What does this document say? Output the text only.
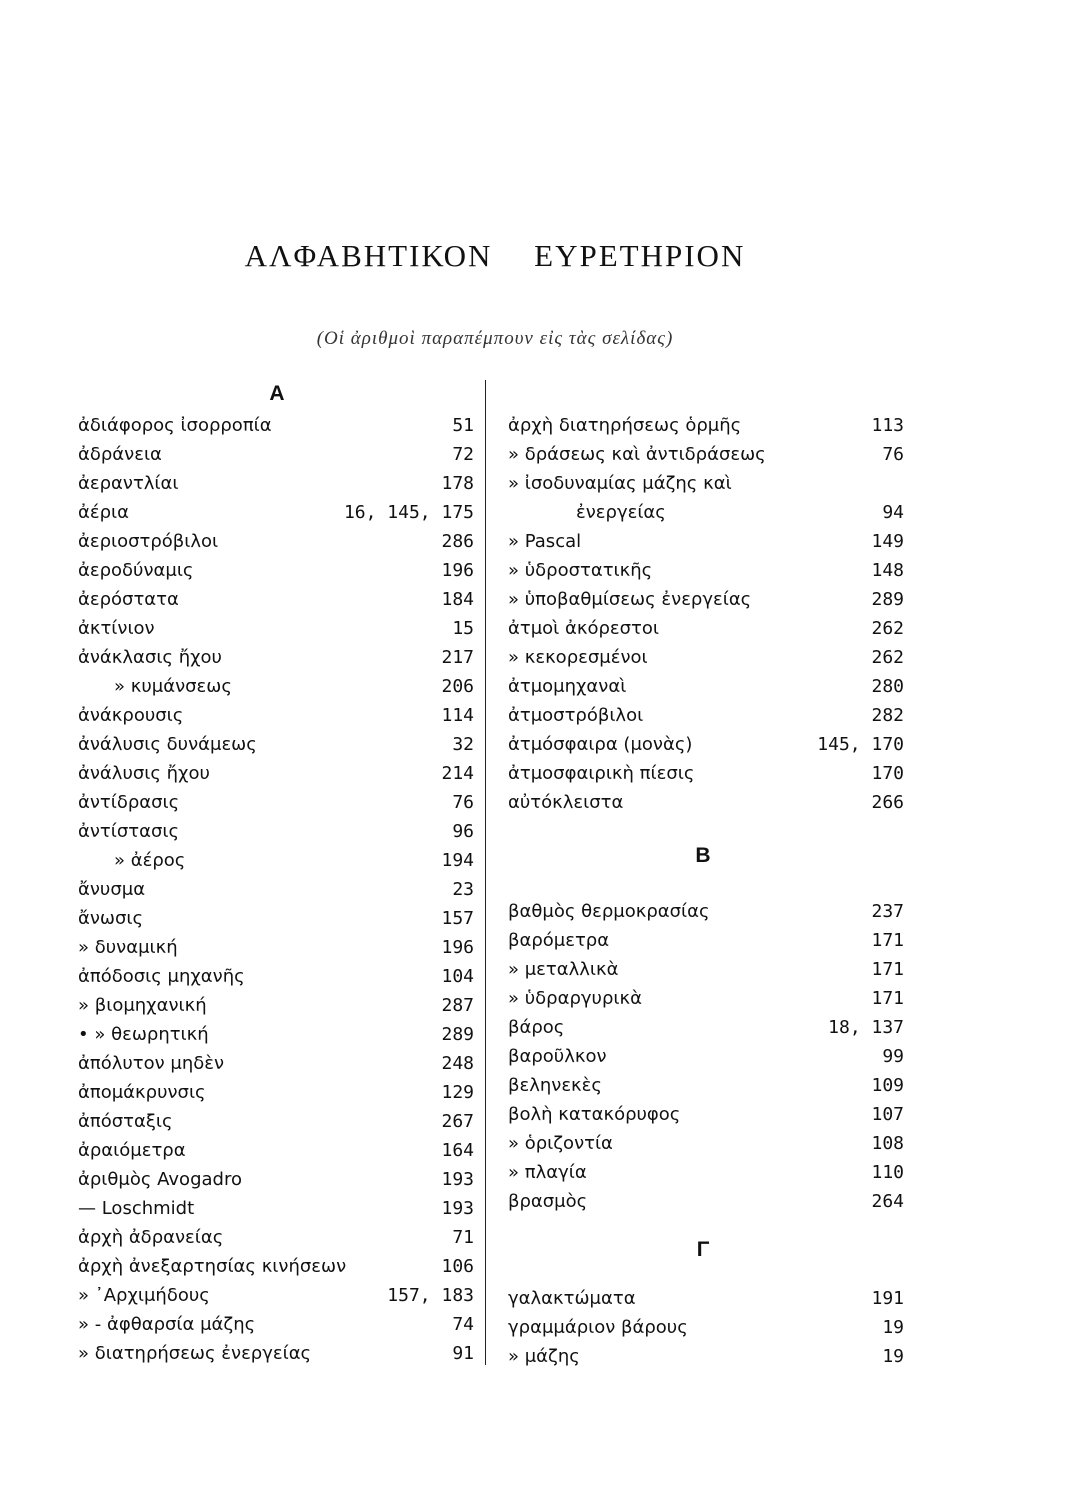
ΑΛΦΑΒΗΤΙΚΟΝ ΕΥΡΕΤΗΡΙΟΝ
(Οἱ ἀριθμοὶ παραπέμπουν εἰς τὰς σελίδας)
Α
ἀδιάφορος ἰσορροπία	51
ἀδράνεια	72
ἀεραντλίαι	178
ἀέρια	16, 145, 175
ἀεριοστρόβιλοι	286
ἀεροδύναμις	196
ἀερόστατα	184
ἀκτίνιον	15
ἀνάκλασις ἤχου	217
» κυμάνσεως	206
ἀνάκρουσις	114
ἀνάλυσις δυνάμεως	32
ἀνάλυσις ἤχου	214
ἀντίδρασις	76
ἀντίστασις	96
» ἀέρος	194
ἄνυσμα	23
ἄνωσις	157
» δυναμική	196
ἀπόδοσις μηχανῆς	104
» βιομηχανική	287
• » θεωρητική	289
ἀπόλυτον μηδὲν	248
ἀπομάκρυνσις	129
ἀπόσταξις	267
ἀραιόμετρα	164
ἀριθμὸς Avogadro	193
— Loschmidt	193
ἀρχὴ ἀδρανείας	71
ἀρχὴ ἀνεξαρτησίας κινήσεων	106
» ᾿Αρχιμήδους	157, 183
» ‐ ἀφθαρσία μάζης	74
» διατηρήσεως ἐνεργείας	91
ἀρχὴ διατηρήσεως ὁρμῆς	113
» δράσεως καὶ ἀντιδράσεως	76
» ἰσοδυναμίας μάζης καὶ
ἐνεργείας	94
» Pascal	149
» ὑδροστατικῆς	148
» ὑποβαθμίσεως ἐνεργείας	289
ἀτμοὶ ἀκόρεστοι	262
» κεκορεσμένοι	262
ἀτμομηχαναὶ	280
ἀτμοστρόβιλοι	282
ἀτμόσφαιρα (μονὰς)	145, 170
ἀτμοσφαιρικὴ πίεσις	170
αὐτόκλειστα	266
Β
βαθμὸς θερμοκρασίας	237
βαρόμετρα	171
» μεταλλικὰ	171
» ὑδραργυρικὰ	171
βάρος	18, 137
βαροῦλκον	99
βεληνεκὲς	109
βολὴ κατακόρυφος	107
» ὁριζοντία	108
» πλαγία	110
βρασμὸς	264
Γ
γαλακτώματα	191
γραμμάριον βάρους	19
» μάζης	19
